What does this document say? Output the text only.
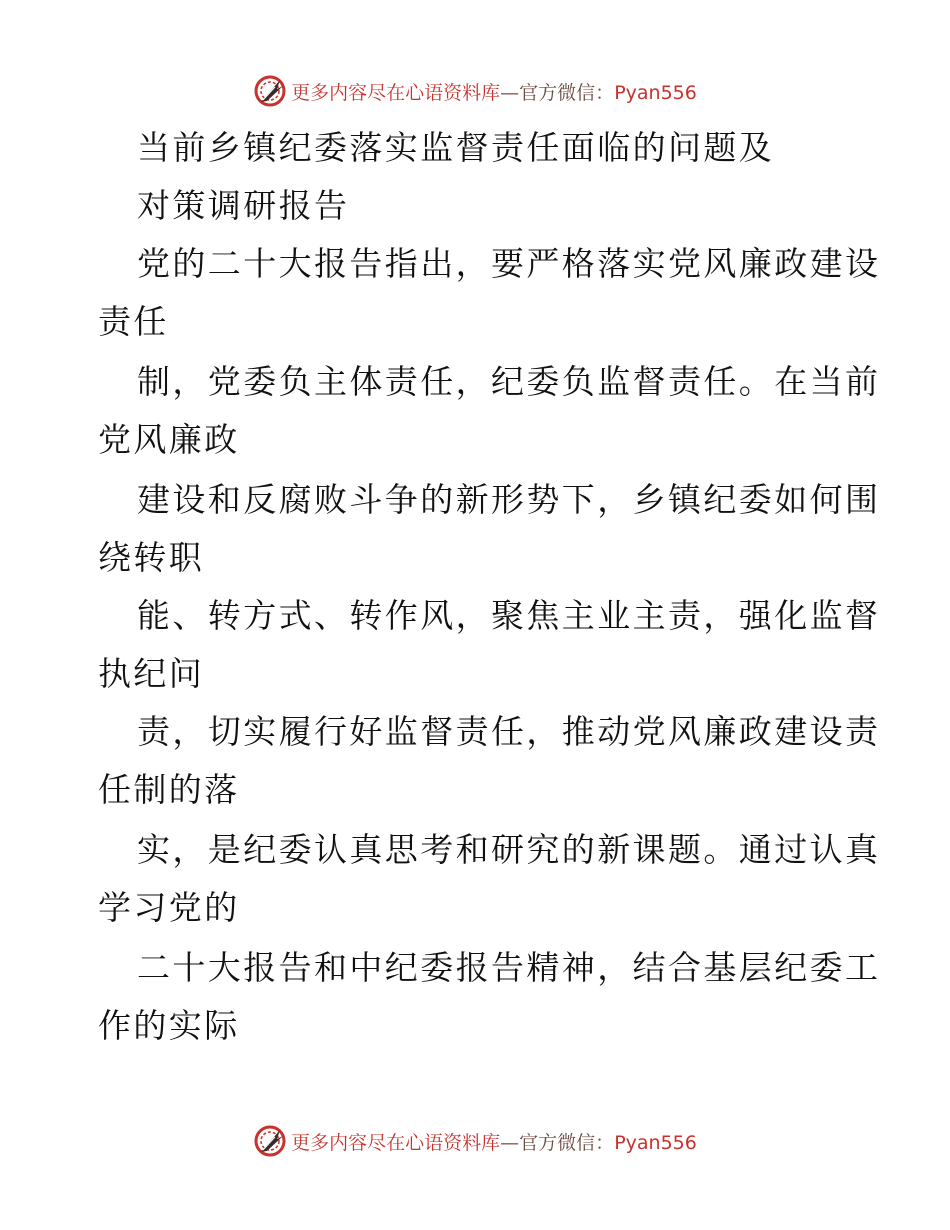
更多内容尽在心语资料库—官方微信：Pyan556
当前乡镇纪委落实监督责任面临的问题及
对策调研报告
党的二十大报告指出，要严格落实党风廉政建设
责任
制，党委负主体责任，纪委负监督责任。在当前
党风廉政
建设和反腐败斗争的新形势下，乡镇纪委如何围
绕转职
能、转方式、转作风，聚焦主业主责，强化监督
执纪问
责，切实履行好监督责任，推动党风廉政建设责
任制的落
实，是纪委认真思考和研究的新课题。通过认真
学习党的
二十大报告和中纪委报告精神，结合基层纪委工
作的实际
更多内容尽在心语资料库—官方微信：Pyan556
